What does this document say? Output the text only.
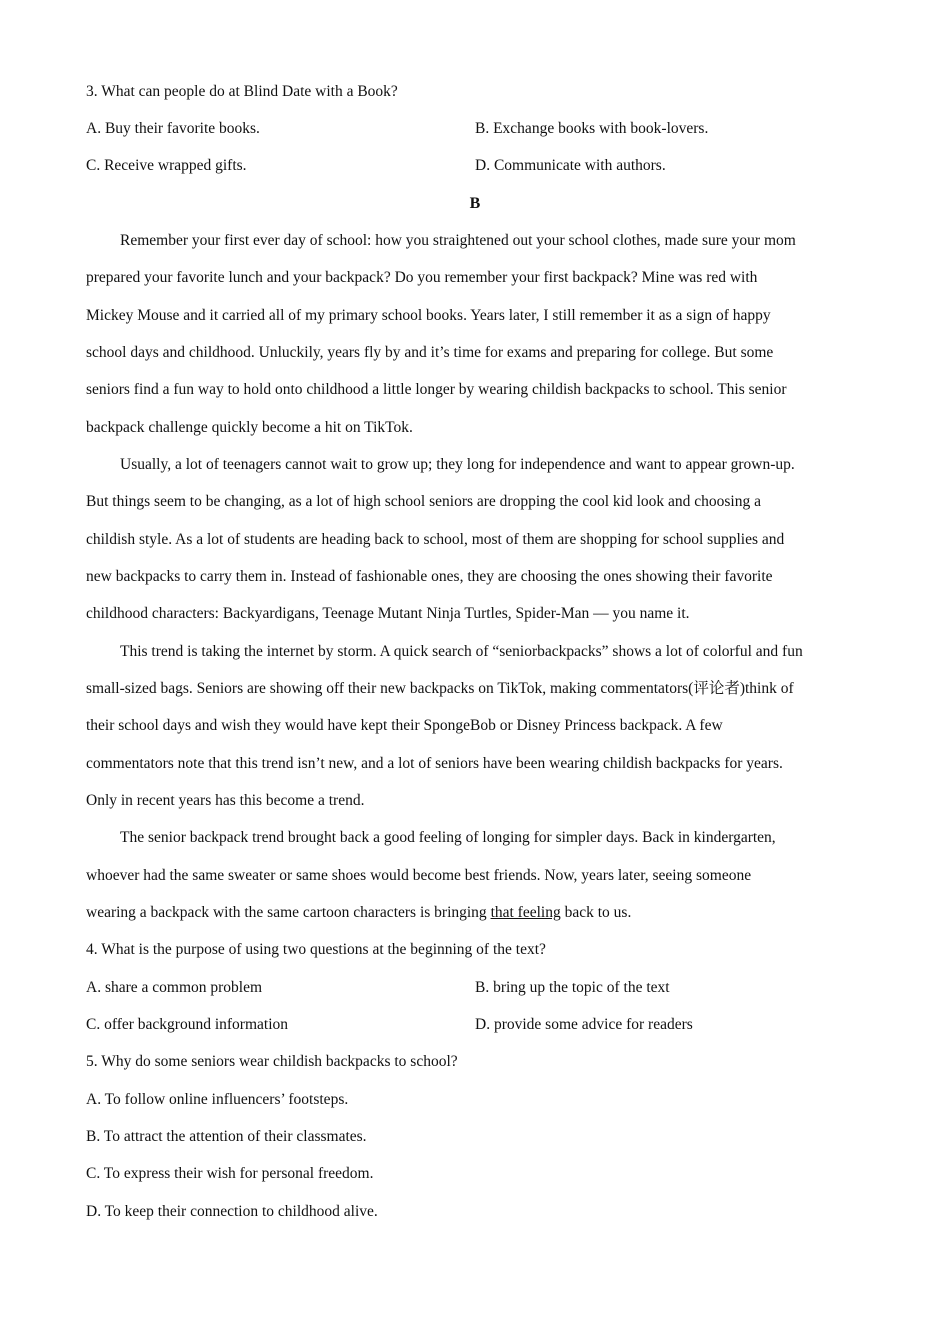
3. What can people do at Blind Date with a Book?
A. Buy their favorite books.	B. Exchange books with book-lovers.
C. Receive wrapped gifts.	D. Communicate with authors.
B
Remember your first ever day of school: how you straightened out your school clothes, made sure your mom
prepared your favorite lunch and your backpack? Do you remember your first backpack? Mine was red with
Mickey Mouse and it carried all of my primary school books. Years later, I still remember it as a sign of happy
school days and childhood. Unluckily, years fly by and it’s time for exams and preparing for college. But some
seniors find a fun way to hold onto childhood a little longer by wearing childish backpacks to school. This senior
backpack challenge quickly become a hit on TikTok.
Usually, a lot of teenagers cannot wait to grow up; they long for independence and want to appear grown-up.
But things seem to be changing, as a lot of high school seniors are dropping the cool kid look and choosing a
childish style. As a lot of students are heading back to school, most of them are shopping for school supplies and
new backpacks to carry them in. Instead of fashionable ones, they are choosing the ones showing their favorite
childhood characters: Backyardigans, Teenage Mutant Ninja Turtles, Spider-Man — you name it.
This trend is taking the internet by storm. A quick search of “seniorbackpacks” shows a lot of colorful and fun
small-sized bags. Seniors are showing off their new backpacks on TikTok, making commentators(评论者)think of
their school days and wish they would have kept their SpongeBob or Disney Princess backpack. A few
commentators note that this trend isn’t new, and a lot of seniors have been wearing childish backpacks for years.
Only in recent years has this become a trend.
The senior backpack trend brought back a good feeling of longing for simpler days. Back in kindergarten,
whoever had the same sweater or same shoes would become best friends. Now, years later, seeing someone
wearing a backpack with the same cartoon characters is bringing that feeling back to us.
4. What is the purpose of using two questions at the beginning of the text?
A. share a common problem	B. bring up the topic of the text
C. offer background information	D. provide some advice for readers
5. Why do some seniors wear childish backpacks to school?
A. To follow online influencers’ footsteps.
B. To attract the attention of their classmates.
C. To express their wish for personal freedom.
D. To keep their connection to childhood alive.
